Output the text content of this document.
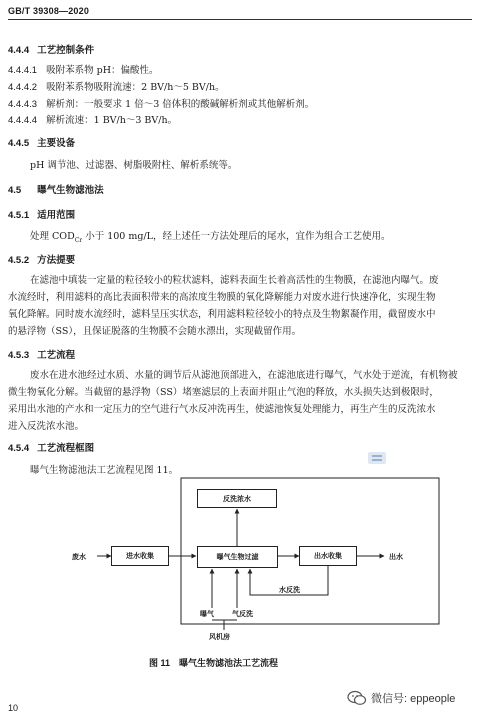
GB/T 39308—2020
4.4.4 工艺控制条件
4.4.4.1 吸附苯系物 pH：偏酸性。
4.4.4.2 吸附苯系物吸附流速：2 BV/h～5 BV/h。
4.4.4.3 解析剂：一般要求 1 倍～3 倍体积的酸碱解析剂或其他解析剂。
4.4.4.4 解析流速：1 BV/h～3 BV/h。
4.4.5 主要设备
pH 调节池、过滤器、树脂吸附柱、解析系统等。
4.5 曝气生物滤池法
4.5.1 适用范围
处理 $COD_{Cr}$ 小于 100 mg/L，经上述任一方法处理后的尾水，宜作为组合工艺使用。
4.5.2 方法提要
在滤池中填装一定量的粒径较小的粒状滤料，滤料表面生长着高活性的生物膜，在滤池内曝气。废
水流经时，利用滤料的高比表面积带来的高浓度生物膜的氧化降解能力对废水进行快速净化，实现生物
氧化降解。同时废水流经时，滤料呈压实状态，利用滤料粒径较小的特点及生物絮凝作用，截留废水中
的悬浮物（SS），且保证脱落的生物膜不会随水漂出，实现截留作用。
4.5.3 工艺流程
废水在进水池经过水质、水量的调节后从滤池顶部进入，在滤池底进行曝气，气水处于逆流，有机物被
微生物氧化分解。当截留的悬浮物（SS）堵塞滤层的上表面并阻止气泡的释放，水头损失达到极限时，
采用出水池的产水和一定压力的空气进行气水反冲洗再生，使滤池恢复处理能力，再生产生的反洗浓水
进入反洗浓水池。
4.5.4 工艺流程框图
曝气生物滤池法工艺流程见图 11。
反洗浓水
进水收集	曝气生物过滤	出水收集
废水	出水
水反洗
曝气	气反洗
风机房
图 11　曝气生物滤池法工艺流程
10
微信号: eppeople
